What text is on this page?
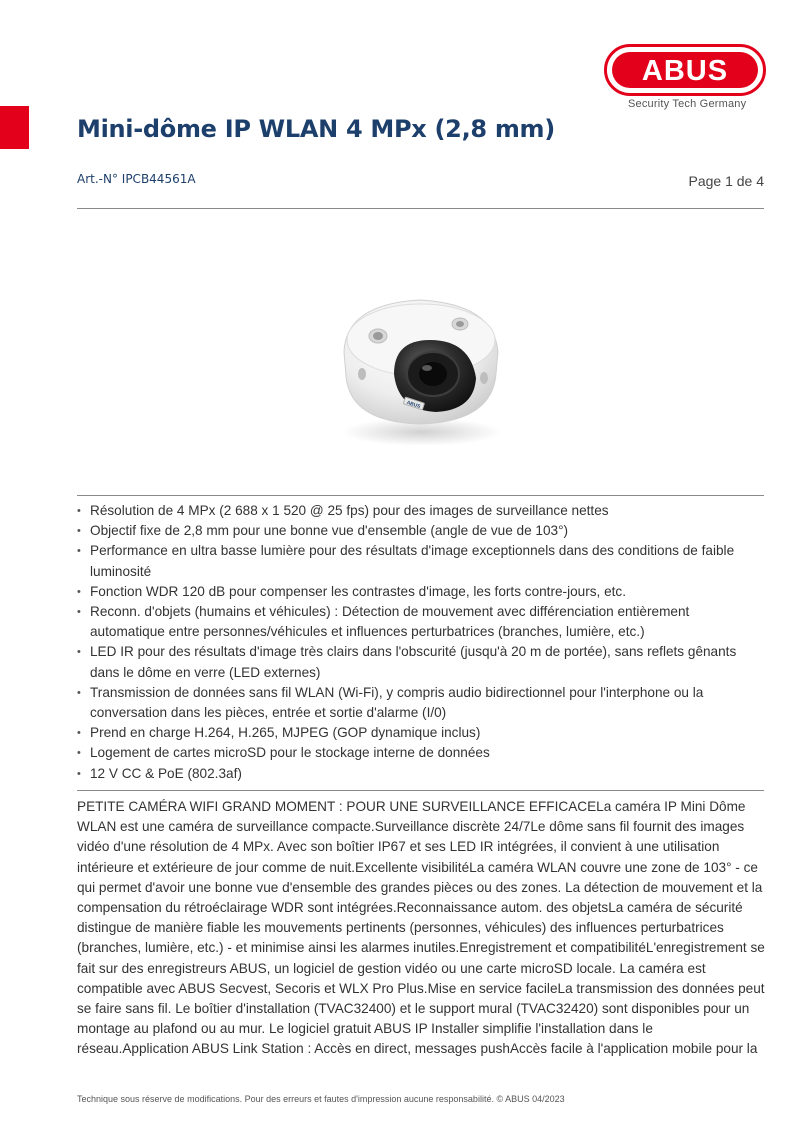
ABUS
Security Tech Germany
Mini-dôme IP WLAN 4 MPx (2,8 mm)
Art.-N° IPCB44561A	Page 1 de 4
ABUS
• Résolution de 4 MPx (2 688 x 1 520 @ 25 fps) pour des images de surveillance nettes
• Objectif fixe de 2,8 mm pour une bonne vue d'ensemble (angle de vue de 103°)
• Performance en ultra basse lumière pour des résultats d'image exceptionnels dans des conditions de faible luminosité
• Fonction WDR 120 dB pour compenser les contrastes d'image, les forts contre-jours, etc.
• Reconn. d'objets (humains et véhicules) : Détection de mouvement avec différenciation entièrement automatique entre personnes/véhicules et influences perturbatrices (branches, lumière, etc.)
• LED IR pour des résultats d'image très clairs dans l'obscurité (jusqu'à 20 m de portée), sans reflets gênants dans le dôme en verre (LED externes)
• Transmission de données sans fil WLAN (Wi-Fi), y compris audio bidirectionnel pour l'interphone ou la conversation dans les pièces, entrée et sortie d'alarme (I/0)
• Prend en charge H.264, H.265, MJPEG (GOP dynamique inclus)
• Logement de cartes microSD pour le stockage interne de données
• 12 V CC & PoE (802.3af)
PETITE CAMÉRA WIFI GRAND MOMENT : POUR UNE SURVEILLANCE EFFICACELa caméra IP Mini Dôme WLAN est une caméra de surveillance compacte.Surveillance discrète 24/7Le dôme sans fil fournit des images vidéo d'une résolution de 4 MPx. Avec son boîtier IP67 et ses LED IR intégrées, il convient à une utilisation intérieure et extérieure de jour comme de nuit.Excellente visibilitéLa caméra WLAN couvre une zone de 103° - ce qui permet d'avoir une bonne vue d'ensemble des grandes pièces ou des zones. La détection de mouvement et la compensation du rétroéclairage WDR sont intégrées.Reconnaissance autom. des objetsLa caméra de sécurité distingue de manière fiable les mouvements pertinents (personnes, véhicules) des influences perturbatrices (branches, lumière, etc.) - et minimise ainsi les alarmes inutiles.Enregistrement et compatibilitéL'enregistrement se fait sur des enregistreurs ABUS, un logiciel de gestion vidéo ou une carte microSD locale. La caméra est compatible avec ABUS Secvest, Secoris et WLX Pro Plus.Mise en service facileLa transmission des données peut se faire sans fil. Le boîtier d'installation (TVAC32400) et le support mural (TVAC32420) sont disponibles pour un montage au plafond ou au mur. Le logiciel gratuit ABUS IP Installer simplifie l'installation dans le réseau.Application ABUS Link Station : Accès en direct, messages pushAccès facile à l'application mobile pour la
Technique sous réserve de modifications. Pour des erreurs et fautes d'impression aucune responsabilité. © ABUS 04/2023
